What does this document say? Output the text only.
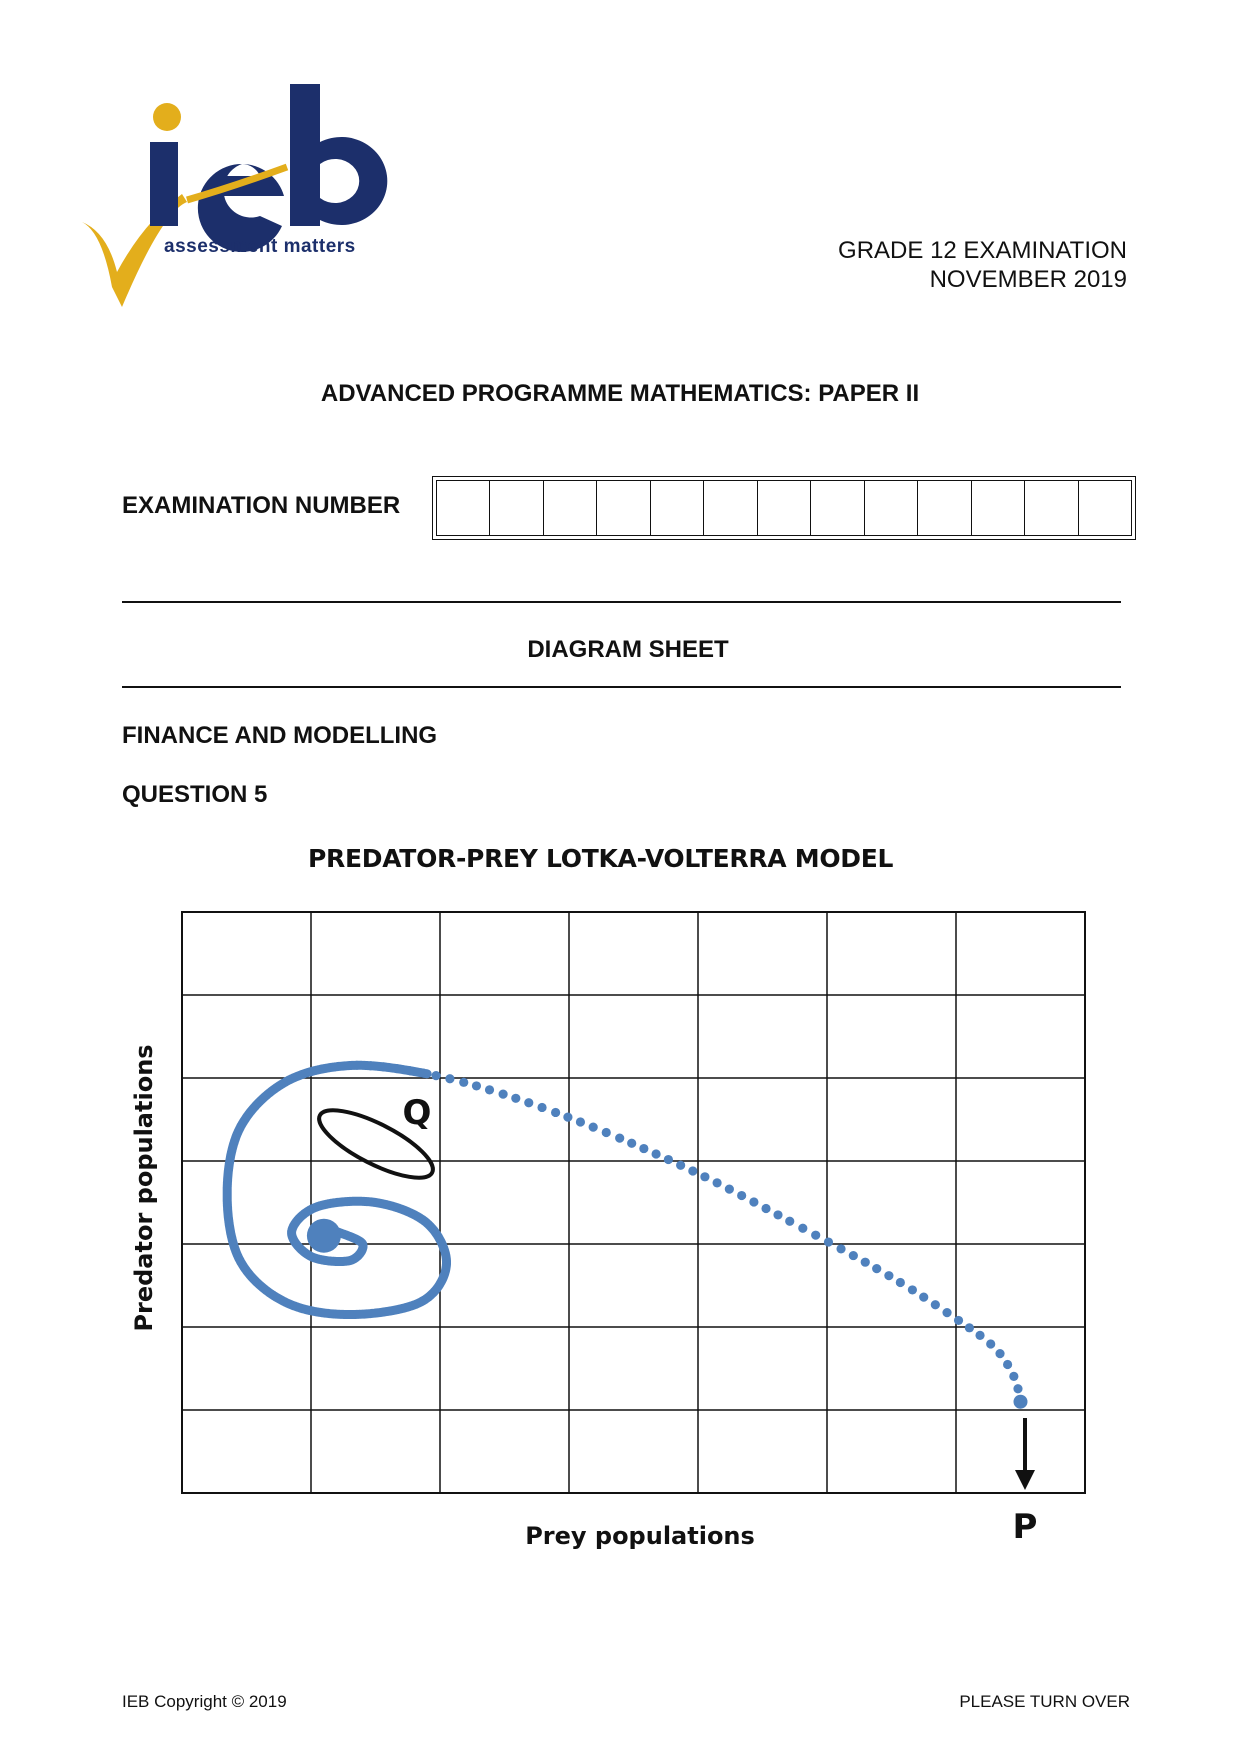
assessment matters	GRADE 12 EXAMINATION
NOVEMBER 2019
ADVANCED PROGRAMME MATHEMATICS: PAPER II
EXAMINATION NUMBER
DIAGRAM SHEET
FINANCE AND MODELLING
QUESTION 5
PREDATOR-PREY LOTKA-VOLTERRA MODEL
Q
P
Predator populations
Prey populations
IEB Copyright © 2019	PLEASE TURN OVER
